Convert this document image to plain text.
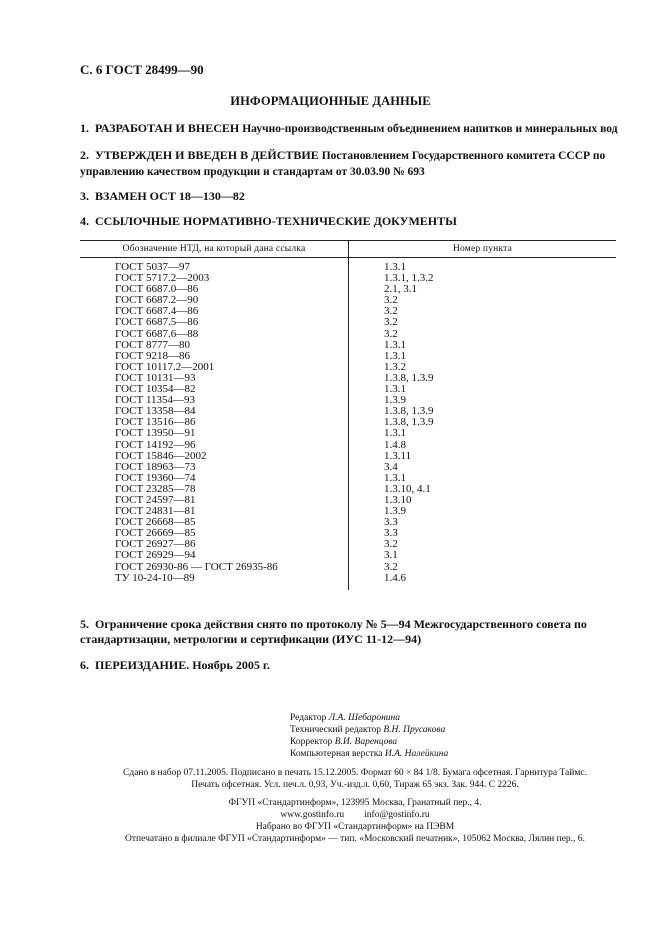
С. 6 ГОСТ 28499—90
ИНФОРМАЦИОННЫЕ ДАННЫЕ
1. РАЗРАБОТАН И ВНЕСЕН Научно-производственным объединением напитков и минеральных вод
2. УТВЕРЖДЕН И ВВЕДЕН В ДЕЙСТВИЕ Постановлением Государственного комитета СССР по управлению качеством продукции и стандартам от 30.03.90 № 693
3. ВЗАМЕН ОСТ 18—130—82
4. ССЫЛОЧНЫЕ НОРМАТИВНО-ТЕХНИЧЕСКИЕ ДОКУМЕНТЫ
Обозначение НТД, на который дана ссылка	Номер пункта
ГОСТ 5037—97	1.3.1
ГОСТ 5717.2—2003	1.3.1, 1.3.2
ГОСТ 6687.0—86	2.1, 3.1
ГОСТ 6687.2—90	3.2
ГОСТ 6687.4—86	3.2
ГОСТ 6687.5—86	3.2
ГОСТ 6687.6—88	3.2
ГОСТ 8777—80	1.3.1
ГОСТ 9218—86	1.3.1
ГОСТ 10117.2—2001	1.3.2
ГОСТ 10131—93	1.3.8, 1.3.9
ГОСТ 10354—82	1.3.1
ГОСТ 11354—93	1.3.9
ГОСТ 13358—84	1.3.8, 1.3.9
ГОСТ 13516—86	1.3.8, 1.3.9
ГОСТ 13950—91	1.3.1
ГОСТ 14192—96	1.4.8
ГОСТ 15846—2002	1.3.11
ГОСТ 18963—73	3.4
ГОСТ 19360—74	1.3.1
ГОСТ 23285—78	1.3.10, 4.1
ГОСТ 24597—81	1.3.10
ГОСТ 24831—81	1.3.9
ГОСТ 26668—85	3.3
ГОСТ 26669—85	3.3
ГОСТ 26927—86	3.2
ГОСТ 26929—94	3.1
ГОСТ 26930-86 — ГОСТ 26935-86	3.2
ТУ 10-24-10—89	1.4.6
5. Ограничение срока действия снято по протоколу № 5—94 Межгосударственного совета по стандартизации, метрологии и сертификации (ИУС 11-12—94)
6. ПЕРЕИЗДАНИЕ. Ноябрь 2005 г.
Редактор Л.А. Шебаронина
Технический редактор В.Н. Прусакова
Корректор В.И. Варенцова
Компьютерная верстка И.А. Налейкина
Сдано в набор 07.11.2005. Подписано в печать 15.12.2005. Формат 60 × 84 1/8. Бумага офсетная. Гарнитура Таймс.
Печать офсетная. Усл. печ.л. 0,93, Уч.-изд.л. 0,60, Тираж 65 экз. Зак. 944. С 2226.
ФГУП «Стандартинформ», 123995 Москва, Гранатный пер., 4.
www.gostinfo.ru info@gostinfo.ru
Набрано во ФГУП «Стандартинформ» на ПЭВМ
Отпечатано в филиале ФГУП «Стандартинформ» — тип. «Московский печатник», 105062 Москва, Лялин пер., 6.
